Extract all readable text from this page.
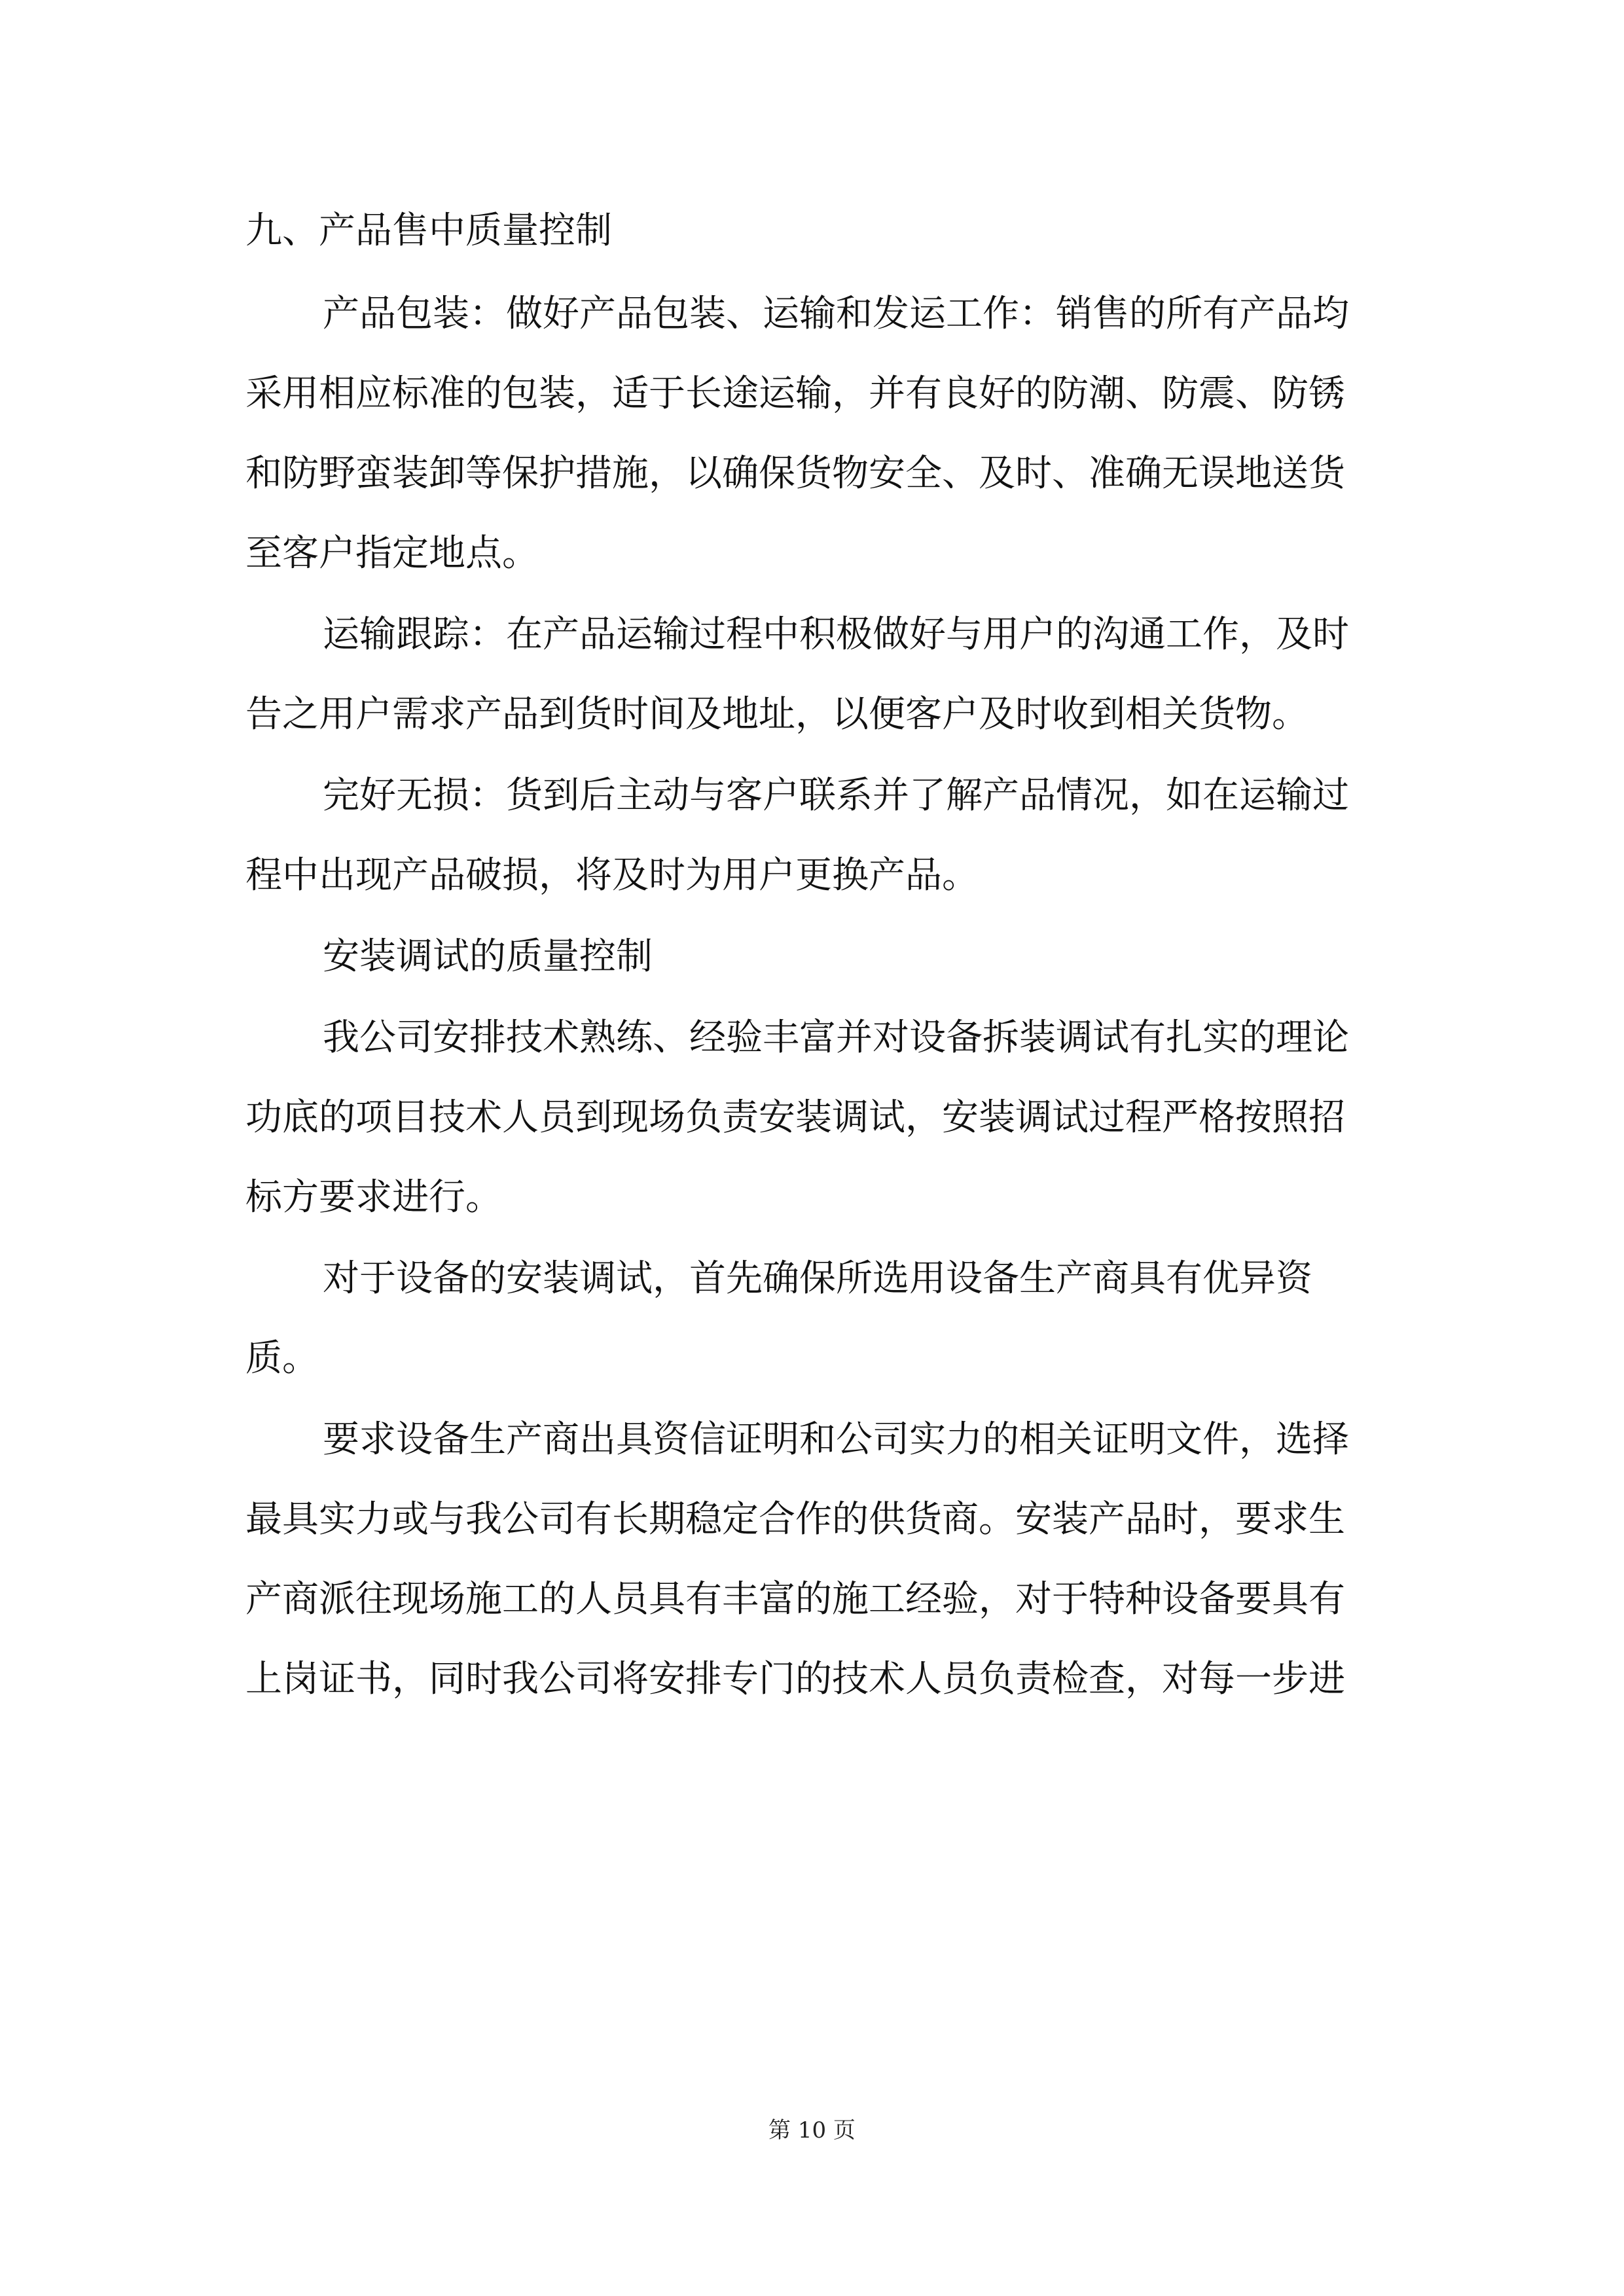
九、产品售中质量控制
产品包装：做好产品包装、运输和发运工作：销售的所有产品均
采用相应标准的包装，适于长途运输，并有良好的防潮、防震、防锈
和防野蛮装卸等保护措施，以确保货物安全、及时、准确无误地送货
至客户指定地点。
运输跟踪：在产品运输过程中积极做好与用户的沟通工作，及时
告之用户需求产品到货时间及地址，以便客户及时收到相关货物。
完好无损：货到后主动与客户联系并了解产品情况，如在运输过
程中出现产品破损，将及时为用户更换产品。
安装调试的质量控制
我公司安排技术熟练、经验丰富并对设备拆装调试有扎实的理论
功底的项目技术人员到现场负责安装调试，安装调试过程严格按照招
标方要求进行。
对于设备的安装调试，首先确保所选用设备生产商具有优异资
质。
要求设备生产商出具资信证明和公司实力的相关证明文件，选择
最具实力或与我公司有长期稳定合作的供货商。安装产品时，要求生
产商派往现场施工的人员具有丰富的施工经验，对于特种设备要具有
上岗证书，同时我公司将安排专门的技术人员负责检查，对每一步进
第 10 页
